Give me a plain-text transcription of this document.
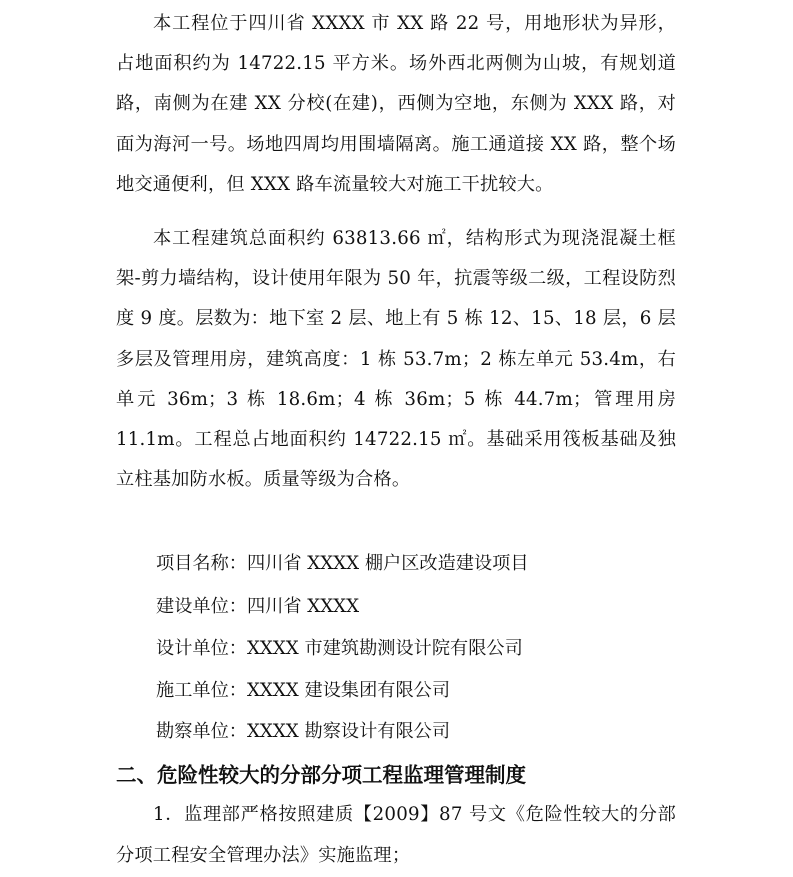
本工程位于四川省 XXXX 市 XX 路 22 号，用地形状为异形，占地面积约为 14722.15 平方米。场外西北两侧为山坡，有规划道路，南侧为在建 XX 分校(在建)，西侧为空地，东侧为 XXX 路，对面为海河一号。场地四周均用围墙隔离。施工通道接 XX 路，整个场地交通便利，但 XXX 路车流量较大对施工干扰较大。

本工程建筑总面积约 63813.66 ㎡，结构形式为现浇混凝土框架-剪力墙结构，设计使用年限为 50 年，抗震等级二级，工程设防烈度 9 度。层数为：地下室 2 层、地上有 5 栋 12、15、18 层，6 层多层及管理用房，建筑高度：1 栋 53.7m；2 栋左单元 53.4m，右单元 36m；3 栋 18.6m；4 栋 36m；5 栋 44.7m；管理用房 11.1m。工程总占地面积约 14722.15 ㎡。基础采用筏板基础及独立柱基加防水板。质量等级为合格。

项目名称：四川省 XXXX 棚户区改造建设项目
建设单位：四川省 XXXX
设计单位：XXXX 市建筑勘测设计院有限公司
施工单位：XXXX 建设集团有限公司
勘察单位：XXXX 勘察设计有限公司
二、危险性较大的分部分项工程监理管理制度

1．监理部严格按照建质【2009】87 号文《危险性较大的分部分项工程安全管理办法》实施监理；
